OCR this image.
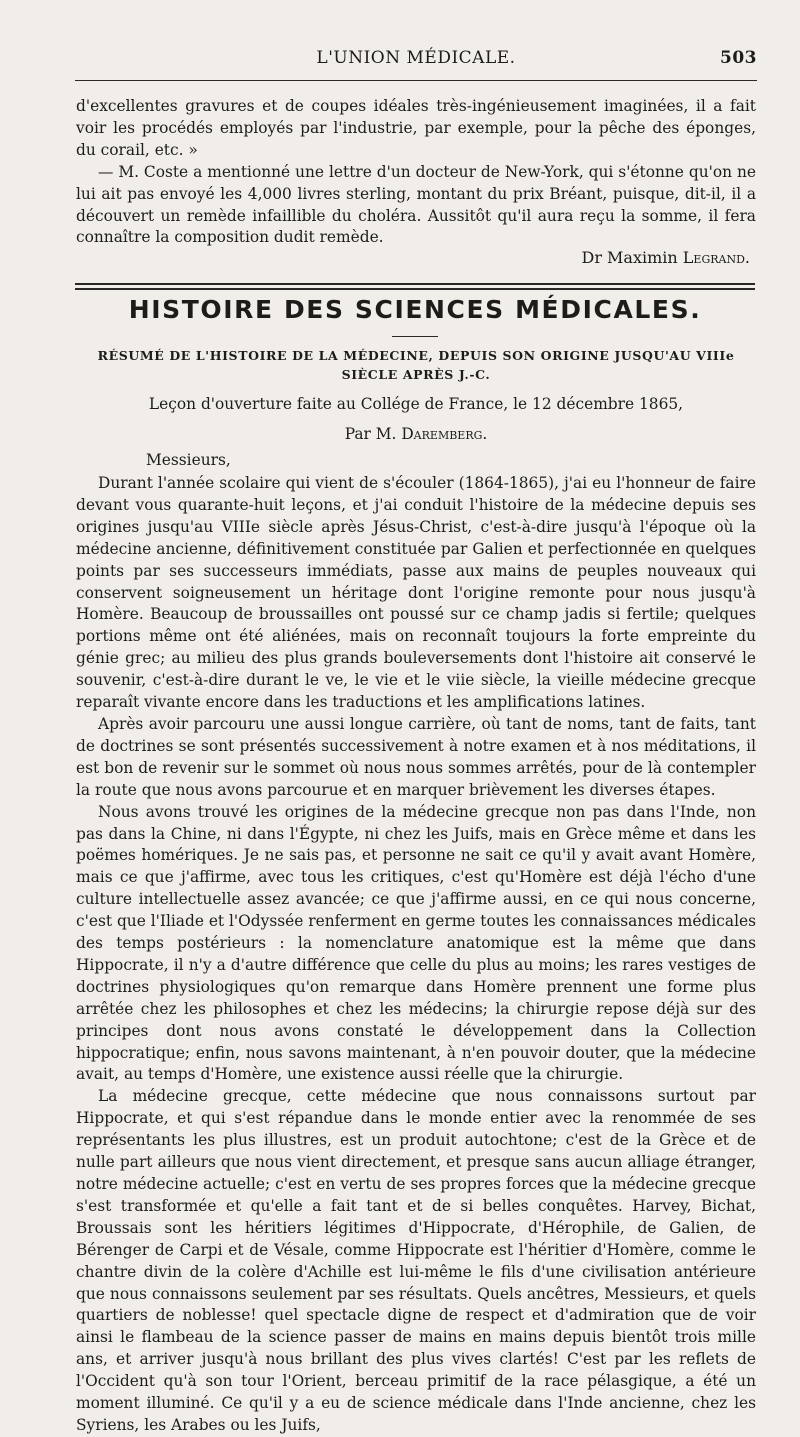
L'UNION MÉDICALE.	503

d'excellentes gravures et de coupes idéales très-ingénieusement imaginées, il a fait voir les procédés employés par l'industrie, par exemple, pour la pêche des éponges, du corail, etc. »

— M. Coste a mentionné une lettre d'un docteur de New-York, qui s'étonne qu'on ne lui ait pas envoyé les 4,000 livres sterling, montant du prix Bréant, puisque, dit-il, il a découvert un remède infaillible du choléra. Aussitôt qu'il aura reçu la somme, il fera connaître la composition dudit remède.

Dr Maximin Legrand.
HISTOIRE DES SCIENCES MÉDICALES.
RÉSUMÉ DE L'HISTOIRE DE LA MÉDECINE, DEPUIS SON ORIGINE JUSQU'AU VIIIe SIÈCLE APRÈS J.-C.
Leçon d'ouverture faite au Collége de France, le 12 décembre 1865,
Par M. Daremberg.
Messieurs,

Durant l'année scolaire qui vient de s'écouler (1864-1865), j'ai eu l'honneur de faire devant vous quarante-huit leçons, et j'ai conduit l'histoire de la médecine depuis ses origines jusqu'au VIIIe siècle après Jésus-Christ, c'est-à-dire jusqu'à l'époque où la médecine ancienne, définitivement constituée par Galien et perfectionnée en quelques points par ses successeurs immédiats, passe aux mains de peuples nouveaux qui conservent soigneusement un héritage dont l'origine remonte pour nous jusqu'à Homère. Beaucoup de broussailles ont poussé sur ce champ jadis si fertile; quelques portions même ont été aliénées, mais on reconnaît toujours la forte empreinte du génie grec; au milieu des plus grands bouleversements dont l'histoire ait conservé le souvenir, c'est-à-dire durant le ve, le vie et le viie siècle, la vieille médecine grecque reparaît vivante encore dans les traductions et les amplifications latines.

Après avoir parcouru une aussi longue carrière, où tant de noms, tant de faits, tant de doctrines se sont présentés successivement à notre examen et à nos méditations, il est bon de revenir sur le sommet où nous nous sommes arrêtés, pour de là contempler la route que nous avons parcourue et en marquer brièvement les diverses étapes.

Nous avons trouvé les origines de la médecine grecque non pas dans l'Inde, non pas dans la Chine, ni dans l'Égypte, ni chez les Juifs, mais en Grèce même et dans les poëmes homériques. Je ne sais pas, et personne ne sait ce qu'il y avait avant Homère, mais ce que j'affirme, avec tous les critiques, c'est qu'Homère est déjà l'écho d'une culture intellectuelle assez avancée; ce que j'affirme aussi, en ce qui nous concerne, c'est que l'Iliade et l'Odyssée renferment en germe toutes les connaissances médicales des temps postérieurs : la nomenclature anatomique est la même que dans Hippocrate, il n'y a d'autre différence que celle du plus au moins; les rares vestiges de doctrines physiologiques qu'on remarque dans Homère prennent une forme plus arrêtée chez les philosophes et chez les médecins; la chirurgie repose déjà sur des principes dont nous avons constaté le développement dans la Collection hippocratique; enfin, nous savons maintenant, à n'en pouvoir douter, que la médecine avait, au temps d'Homère, une existence aussi réelle que la chirurgie.

La médecine grecque, cette médecine que nous connaissons surtout par Hippocrate, et qui s'est répandue dans le monde entier avec la renommée de ses représentants les plus illustres, est un produit autochtone; c'est de la Grèce et de nulle part ailleurs que nous vient directement, et presque sans aucun alliage étranger, notre médecine actuelle; c'est en vertu de ses propres forces que la médecine grecque s'est transformée et qu'elle a fait tant et de si belles conquêtes. Harvey, Bichat, Broussais sont les héritiers légitimes d'Hippocrate, d'Hérophile, de Galien, de Bérenger de Carpi et de Vésale, comme Hippocrate est l'héritier d'Homère, comme le chantre divin de la colère d'Achille est lui-même le fils d'une civilisation antérieure que nous connaissons seulement par ses résultats. Quels ancêtres, Messieurs, et quels quartiers de noblesse! quel spectacle digne de respect et d'admiration que de voir ainsi le flambeau de la science passer de mains en mains depuis bientôt trois mille ans, et arriver jusqu'à nous brillant des plus vives clartés! C'est par les reflets de l'Occident qu'à son tour l'Orient, berceau primitif de la race pélasgique, a été un moment illuminé. Ce qu'il y a eu de science médicale dans l'Inde ancienne, chez les Syriens, les Arabes ou les Juifs,
